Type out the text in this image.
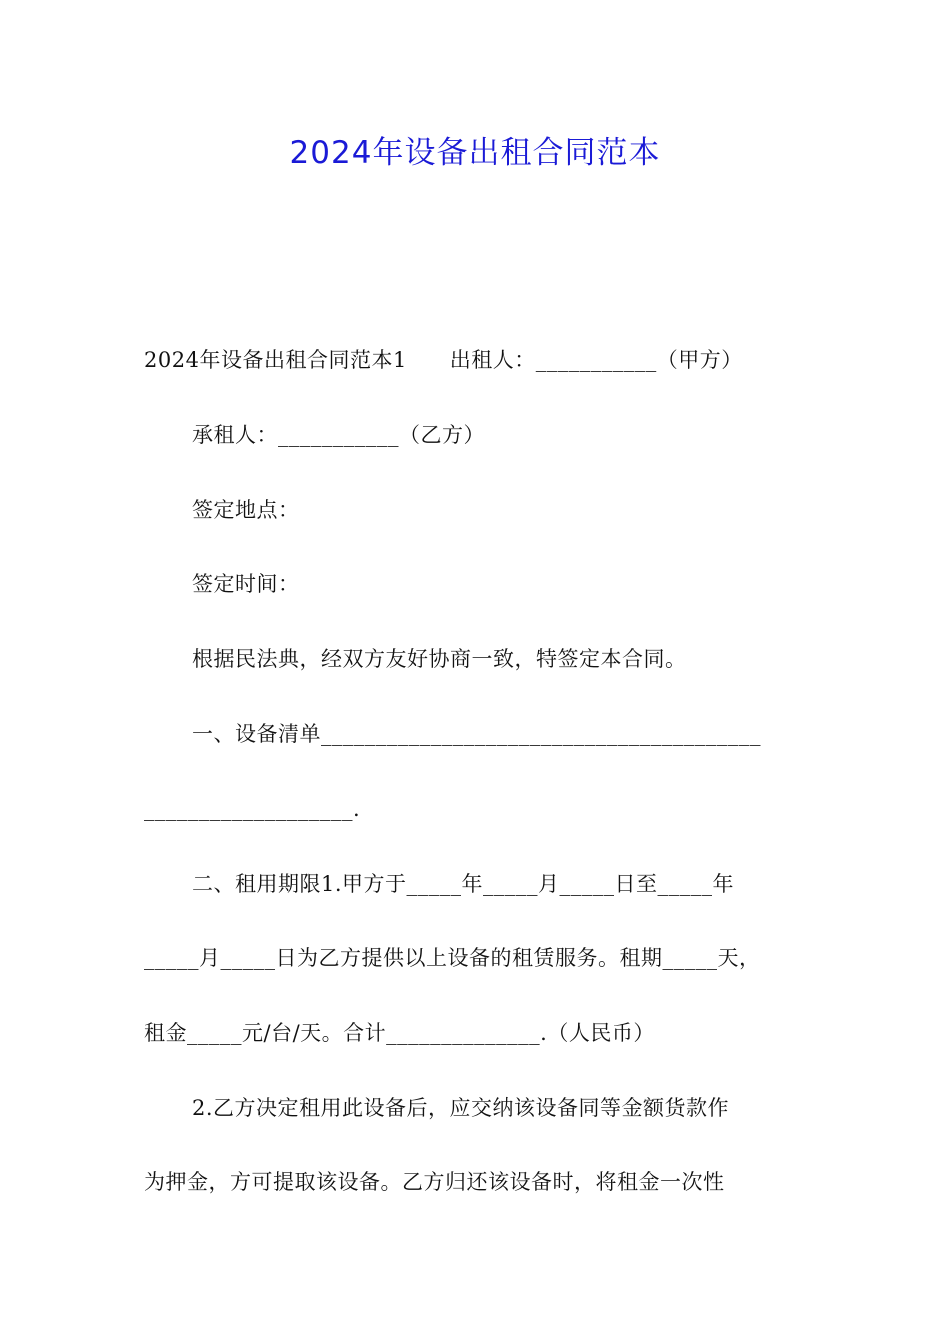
2024年设备出租合同范本
2024年设备出租合同范本1　　出租人：___________（甲方）
承租人：___________（乙方）
签定地点：
签定时间：
根据民法典，经双方友好协商一致，特签定本合同。
一、设备清单________________________________________
___________________.
二、租用期限1.甲方于_____年_____月_____日至_____年
_____月_____日为乙方提供以上设备的租赁服务。租期_____天，
租金_____元/台/天。合计______________.（人民币）
2.乙方决定租用此设备后，应交纳该设备同等金额货款作
为押金，方可提取该设备。乙方归还该设备时，将租金一次性
